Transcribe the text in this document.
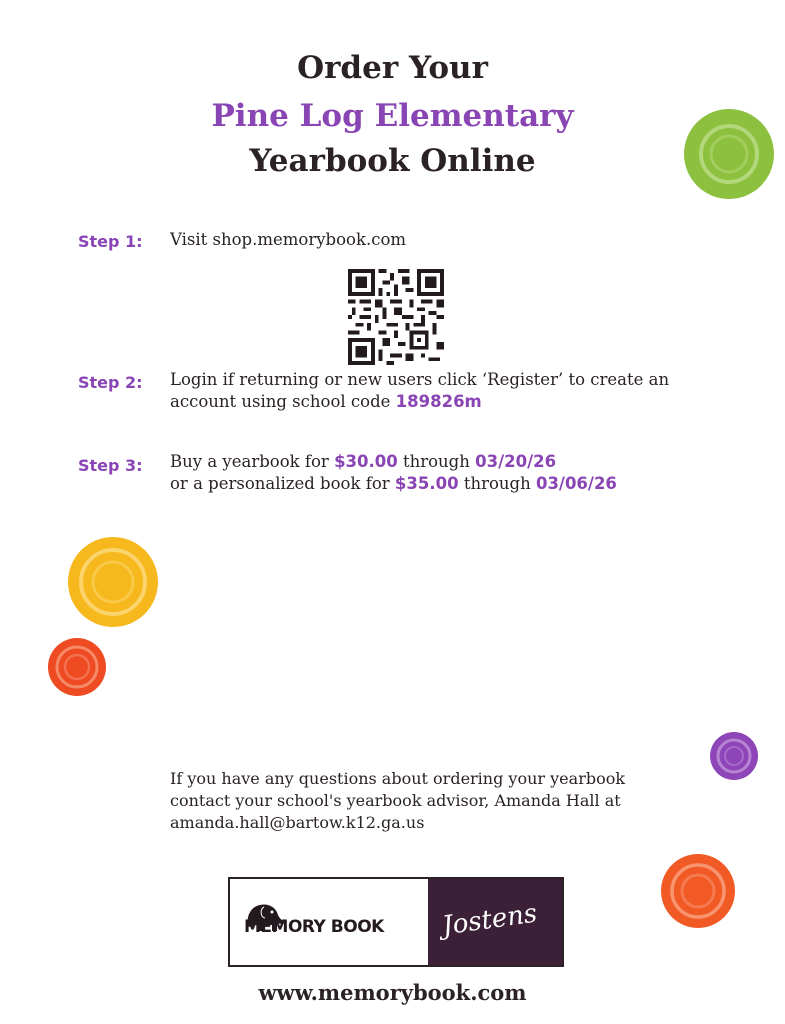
Order Your
Pine Log Elementary
Yearbook Online
Step 1: Visit shop.memorybook.com
Step 2: Login if returning or new users click ‘Register’ to create an
account using school code 189826m
Step 3: Buy a yearbook for $30.00 through 03/20/26
or a personalized book for $35.00 through 03/06/26
If you have any questions about ordering your yearbook
contact your school's yearbook advisor, Amanda Hall at
amanda.hall@bartow.k12.ga.us
MEMORY BOOK Jostens
www.memorybook.com
